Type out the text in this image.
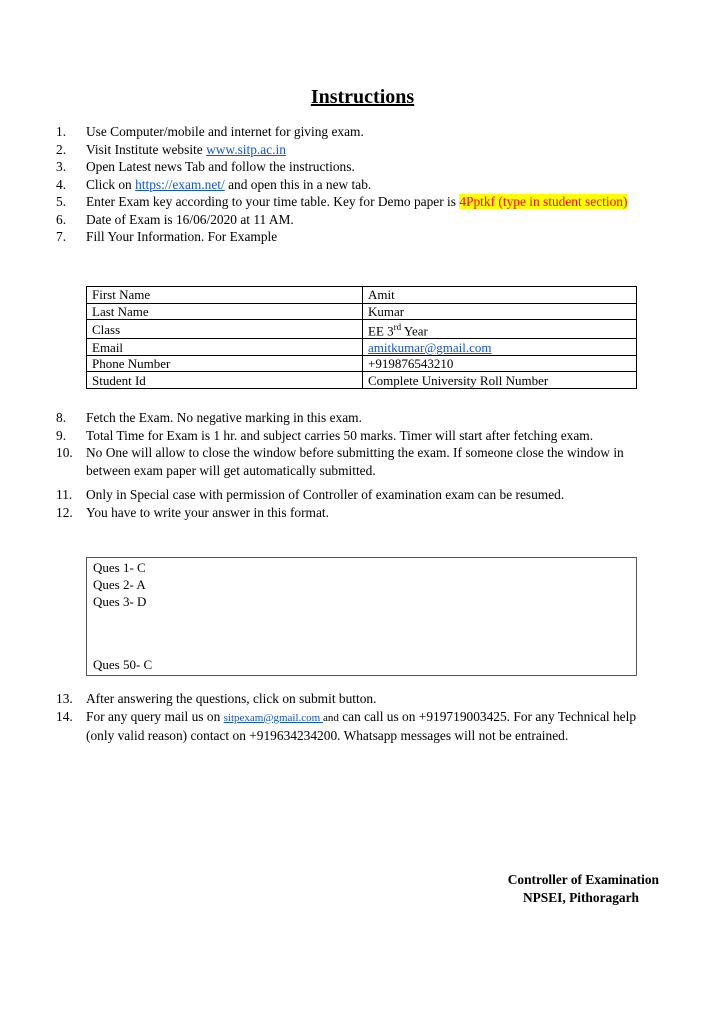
Instructions
1.	Use Computer/mobile and internet for giving exam.
2.	Visit Institute website www.sitp.ac.in
3.	Open Latest news Tab and follow the instructions.
4.	Click on https://exam.net/ and open this in a new tab.
5.	Enter Exam key according to your time table. Key for Demo paper is 4Pptkf (type in student section)
6.	Date of Exam is 16/06/2020 at 11 AM.
7.	Fill Your Information. For Example
First Name	Amit
Last Name	Kumar
Class	EE 3rd Year
Email	amitkumar@gmail.com
Phone Number	+919876543210
Student Id	Complete University Roll Number
8.	Fetch the Exam. No negative marking in this exam.
9.	Total Time for Exam is 1 hr. and subject carries 50 marks. Timer will start after fetching exam.
10. No One will allow to close the window before submitting the exam. If someone close the window in between exam paper will get automatically submitted.
11.	Only in Special case with permission of Controller of examination exam can be resumed.
12. You have to write your answer in this format.
Ques 1- C
Ques 2- A
Ques 3- D
Ques 50- C
13. After answering the questions, click on submit button.
14. For any query mail us on sitpexam@gmail.com and can call us on +919719003425. For any Technical help (only valid reason) contact on +919634234200. Whatsapp messages will not be entrained.
Controller of Examination
NPSEI, Pithoragarh
